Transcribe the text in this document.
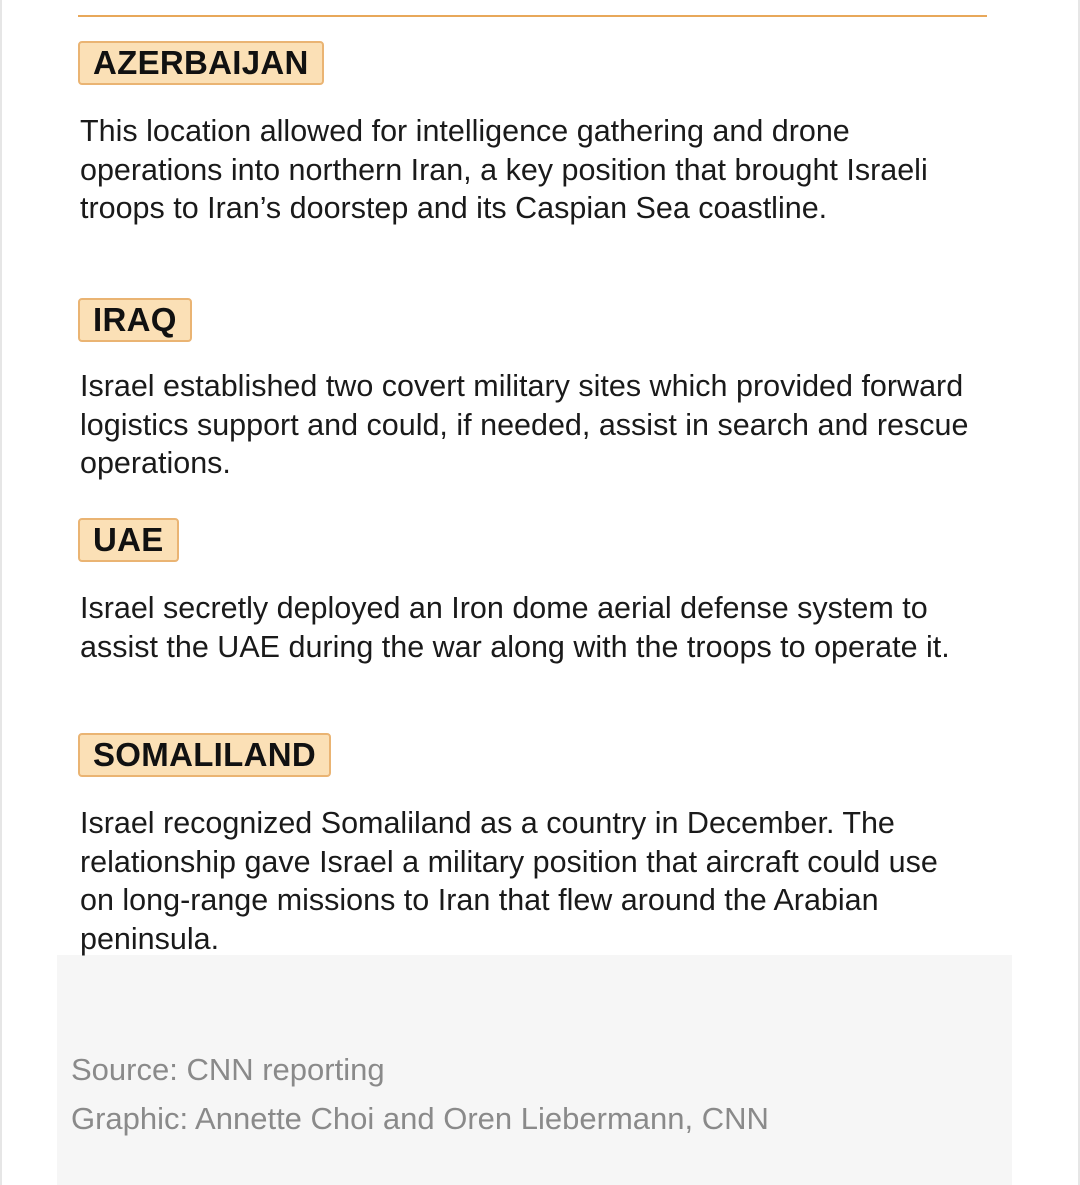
AZERBAIJAN

This location allowed for intelligence gathering and drone operations into northern Iran, a key position that brought Israeli troops to Iran’s doorstep and its Caspian Sea coastline.

IRAQ

Israel established two covert military sites which provided forward logistics support and could, if needed, assist in search and rescue operations.

UAE

Israel secretly deployed an Iron dome aerial defense system to assist the UAE during the war along with the troops to operate it.

SOMALILAND

Israel recognized Somaliland as a country in December. The relationship gave Israel a military position that aircraft could use on long-range missions to Iran that flew around the Arabian peninsula.

Source: CNN reporting
Graphic: Annette Choi and Oren Liebermann, CNN
